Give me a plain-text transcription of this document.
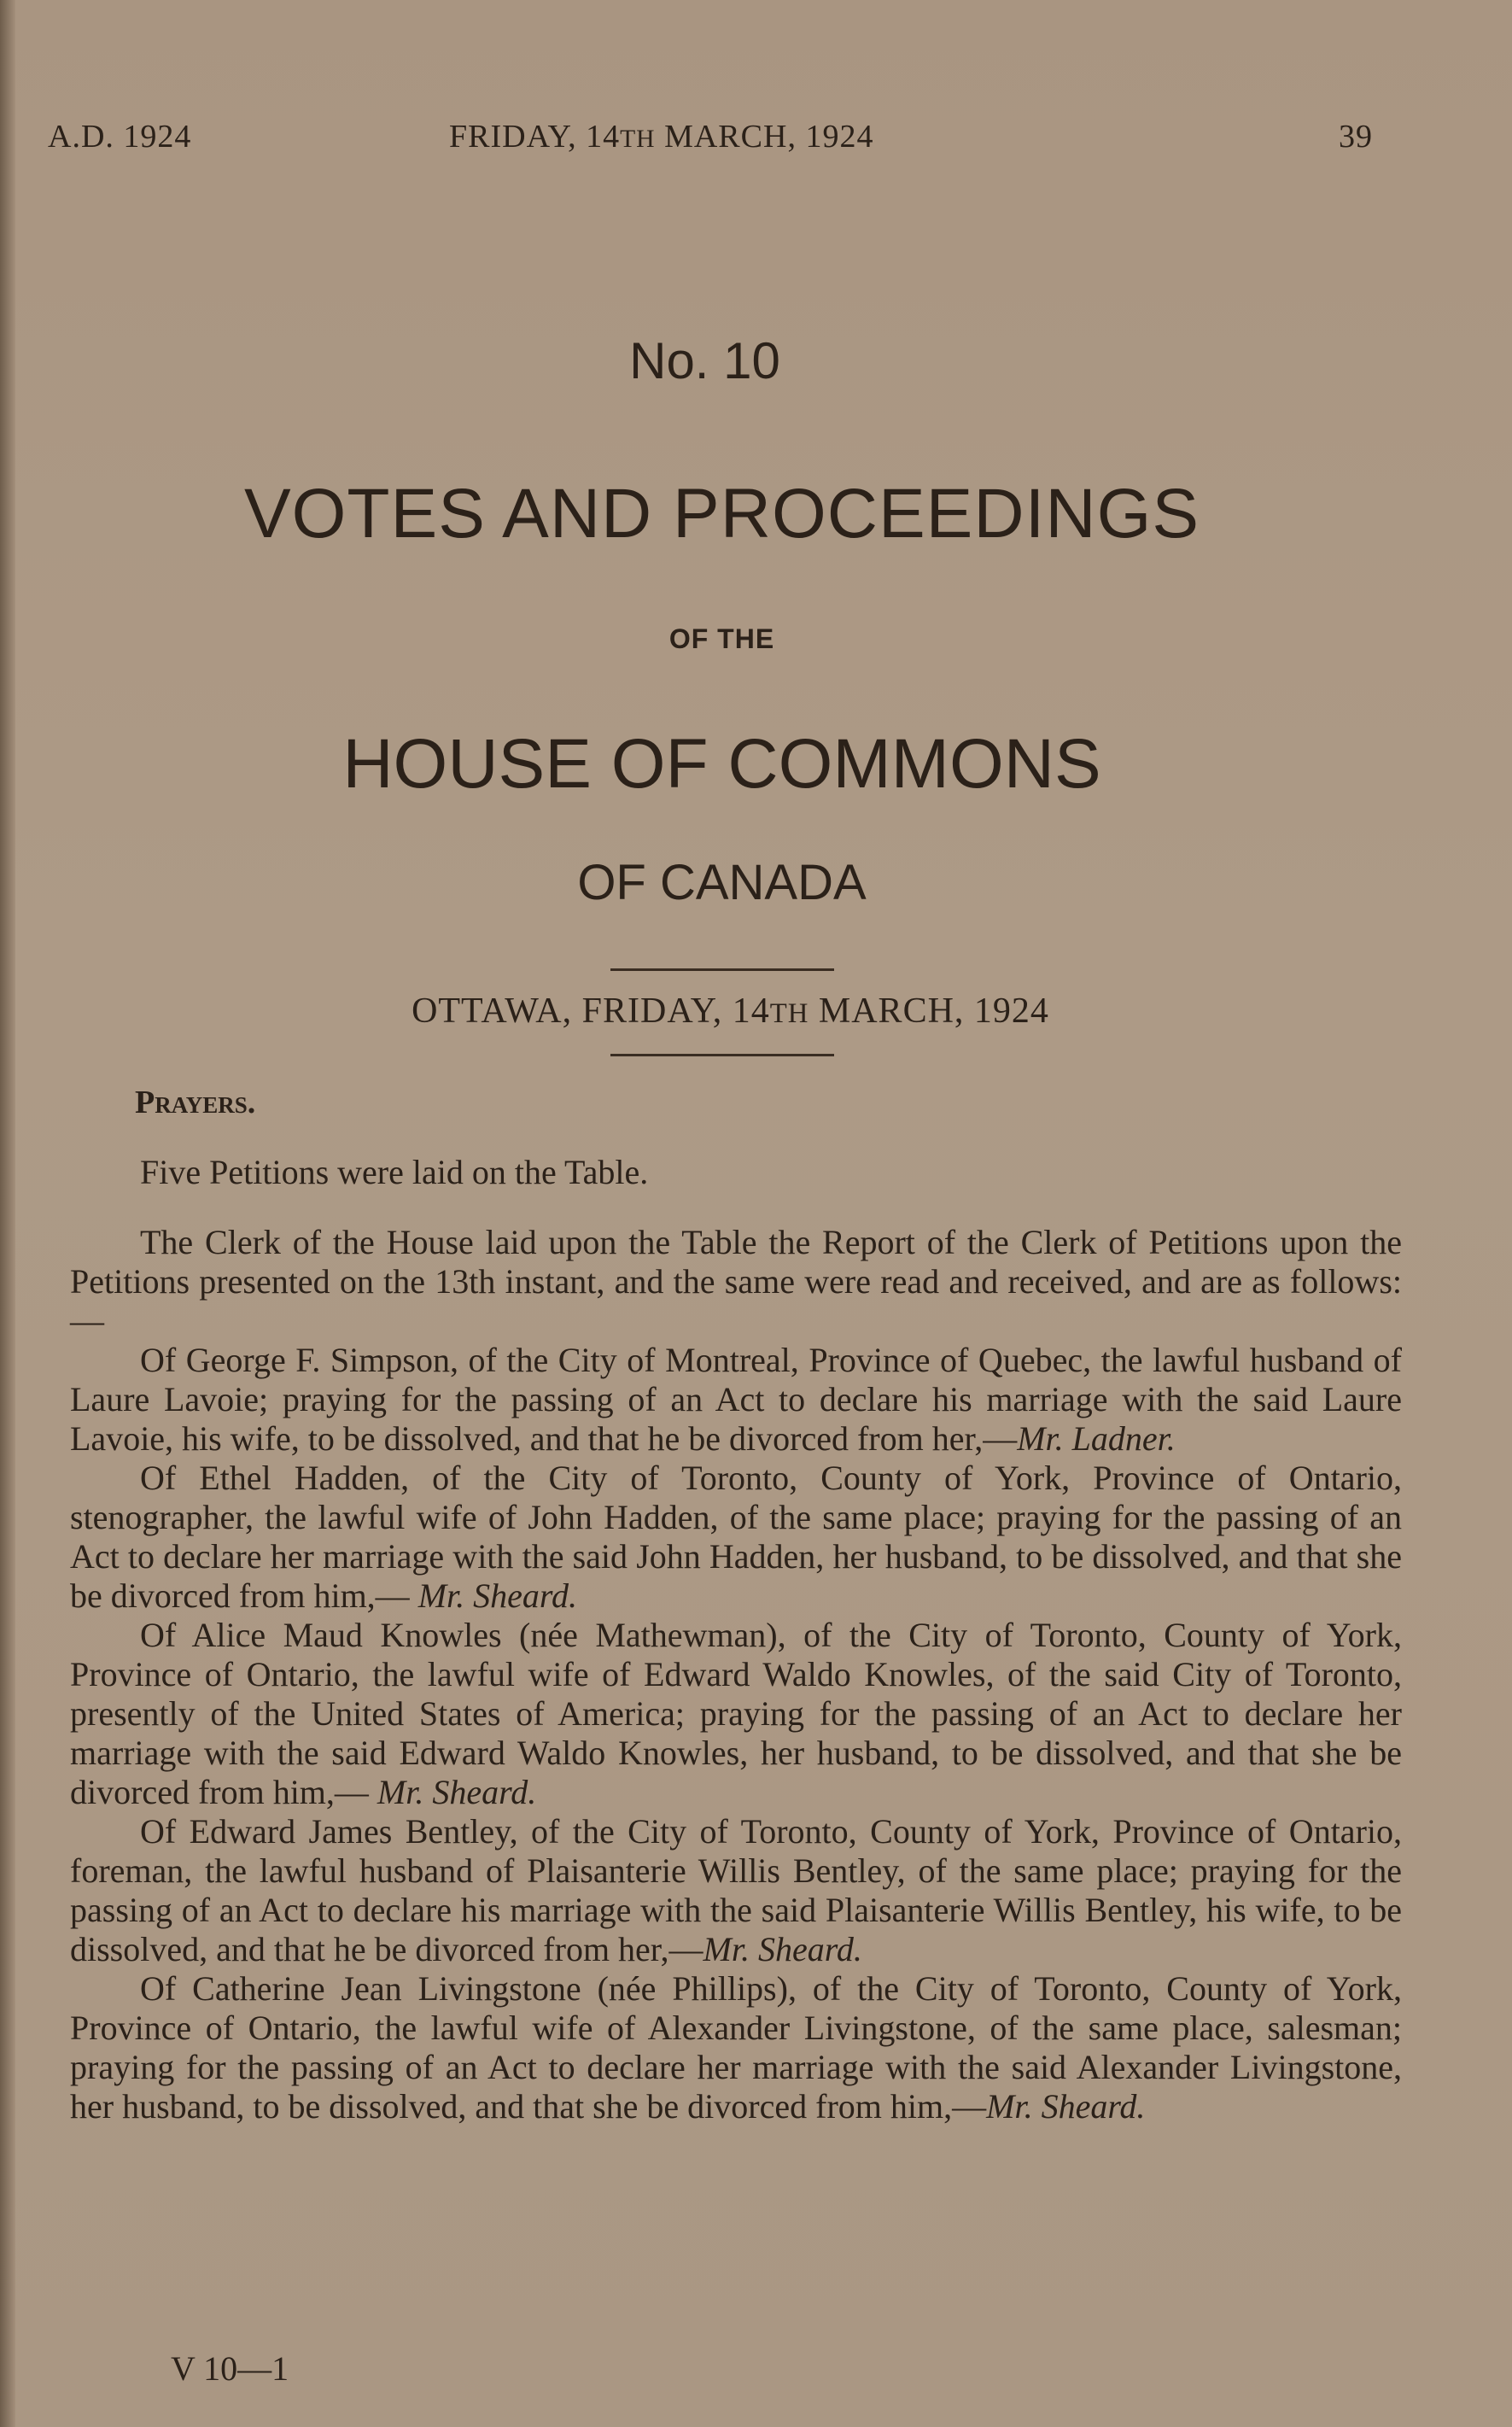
A.D. 1924	FRIDAY, 14TH MARCH, 1924	39
No. 10
VOTES AND PROCEEDINGS
OF THE
HOUSE OF COMMONS
OF CANADA
OTTAWA, FRIDAY, 14TH MARCH, 1924

Prayers.

Five Petitions were laid on the Table.

The Clerk of the House laid upon the Table the Report of the Clerk of Petitions upon the Petitions presented on the 13th instant, and the same were read and received, and are as follows:—

Of George F. Simpson, of the City of Montreal, Province of Quebec, the lawful husband of Laure Lavoie; praying for the passing of an Act to declare his marriage with the said Laure Lavoie, his wife, to be dissolved, and that he be divorced from her,—Mr. Ladner.

Of Ethel Hadden, of the City of Toronto, County of York, Province of Ontario, stenographer, the lawful wife of John Hadden, of the same place; praying for the passing of an Act to declare her marriage with the said John Hadden, her husband, to be dissolved, and that she be divorced from him,— Mr. Sheard.

Of Alice Maud Knowles (née Mathewman), of the City of Toronto, County of York, Province of Ontario, the lawful wife of Edward Waldo Knowles, of the said City of Toronto, presently of the United States of America; praying for the passing of an Act to declare her marriage with the said Edward Waldo Knowles, her husband, to be dissolved, and that she be divorced from him,— Mr. Sheard.

Of Edward James Bentley, of the City of Toronto, County of York, Province of Ontario, foreman, the lawful husband of Plaisanterie Willis Bentley, of the same place; praying for the passing of an Act to declare his marriage with the said Plaisanterie Willis Bentley, his wife, to be dissolved, and that he be divorced from her,—Mr. Sheard.

Of Catherine Jean Livingstone (née Phillips), of the City of Toronto, County of York, Province of Ontario, the lawful wife of Alexander Livingstone, of the same place, salesman; praying for the passing of an Act to declare her marriage with the said Alexander Livingstone, her husband, to be dissolved, and that she be divorced from him,—Mr. Sheard.

V 10—1
